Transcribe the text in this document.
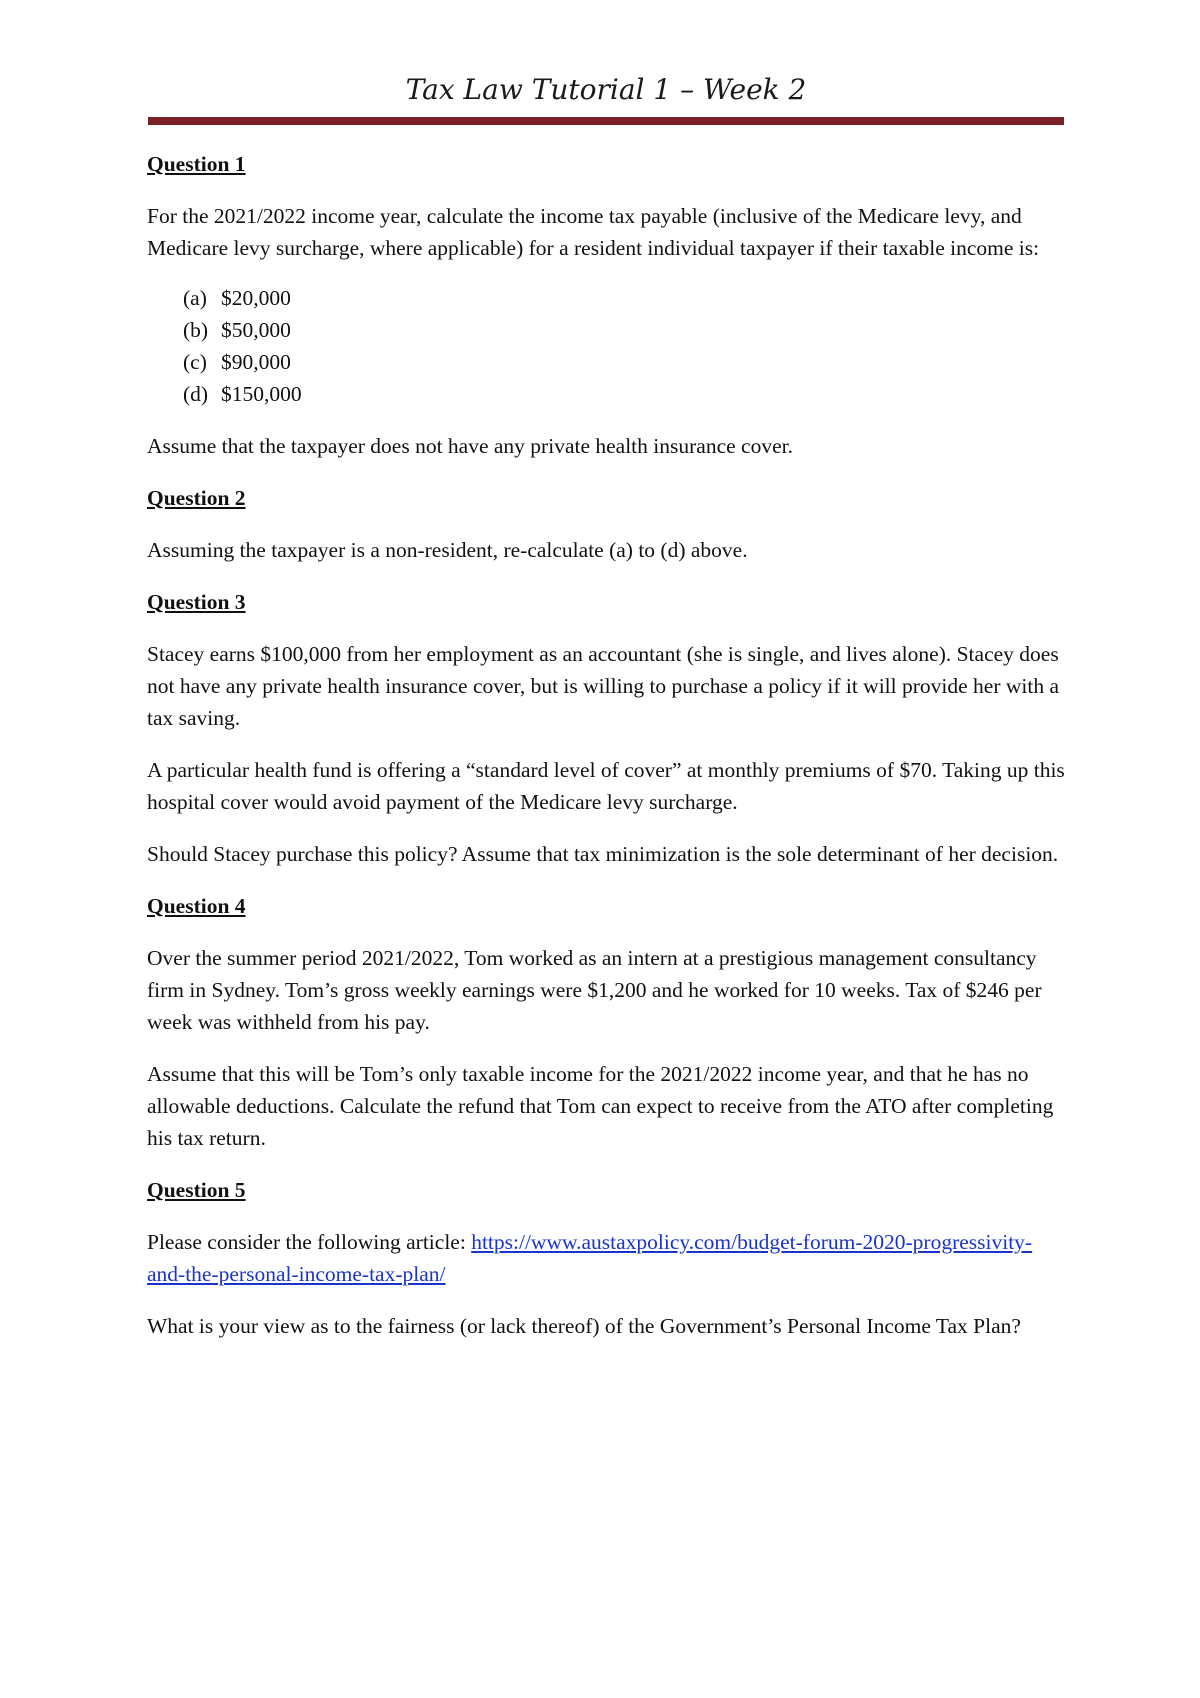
Tax Law Tutorial 1 – Week 2
Question 1

For the 2021/2022 income year, calculate the income tax payable (inclusive of the Medicare levy, and Medicare levy surcharge, where applicable) for a resident individual taxpayer if their taxable income is:

(a) $20,000
(b) $50,000
(c) $90,000
(d) $150,000

Assume that the taxpayer does not have any private health insurance cover.

Question 2

Assuming the taxpayer is a non-resident, re-calculate (a) to (d) above.

Question 3

Stacey earns $100,000 from her employment as an accountant (she is single, and lives alone). Stacey does not have any private health insurance cover, but is willing to purchase a policy if it will provide her with a tax saving.

A particular health fund is offering a “standard level of cover” at monthly premiums of $70. Taking up this hospital cover would avoid payment of the Medicare levy surcharge.

Should Stacey purchase this policy? Assume that tax minimization is the sole determinant of her decision.

Question 4

Over the summer period 2021/2022, Tom worked as an intern at a prestigious management consultancy firm in Sydney. Tom’s gross weekly earnings were $1,200 and he worked for 10 weeks. Tax of $246 per week was withheld from his pay.

Assume that this will be Tom’s only taxable income for the 2021/2022 income year, and that he has no allowable deductions. Calculate the refund that Tom can expect to receive from the ATO after completing his tax return.

Question 5

Please consider the following article: https://www.austaxpolicy.com/budget-forum-2020-progressivity-and-the-personal-income-tax-plan/

What is your view as to the fairness (or lack thereof) of the Government’s Personal Income Tax Plan?
